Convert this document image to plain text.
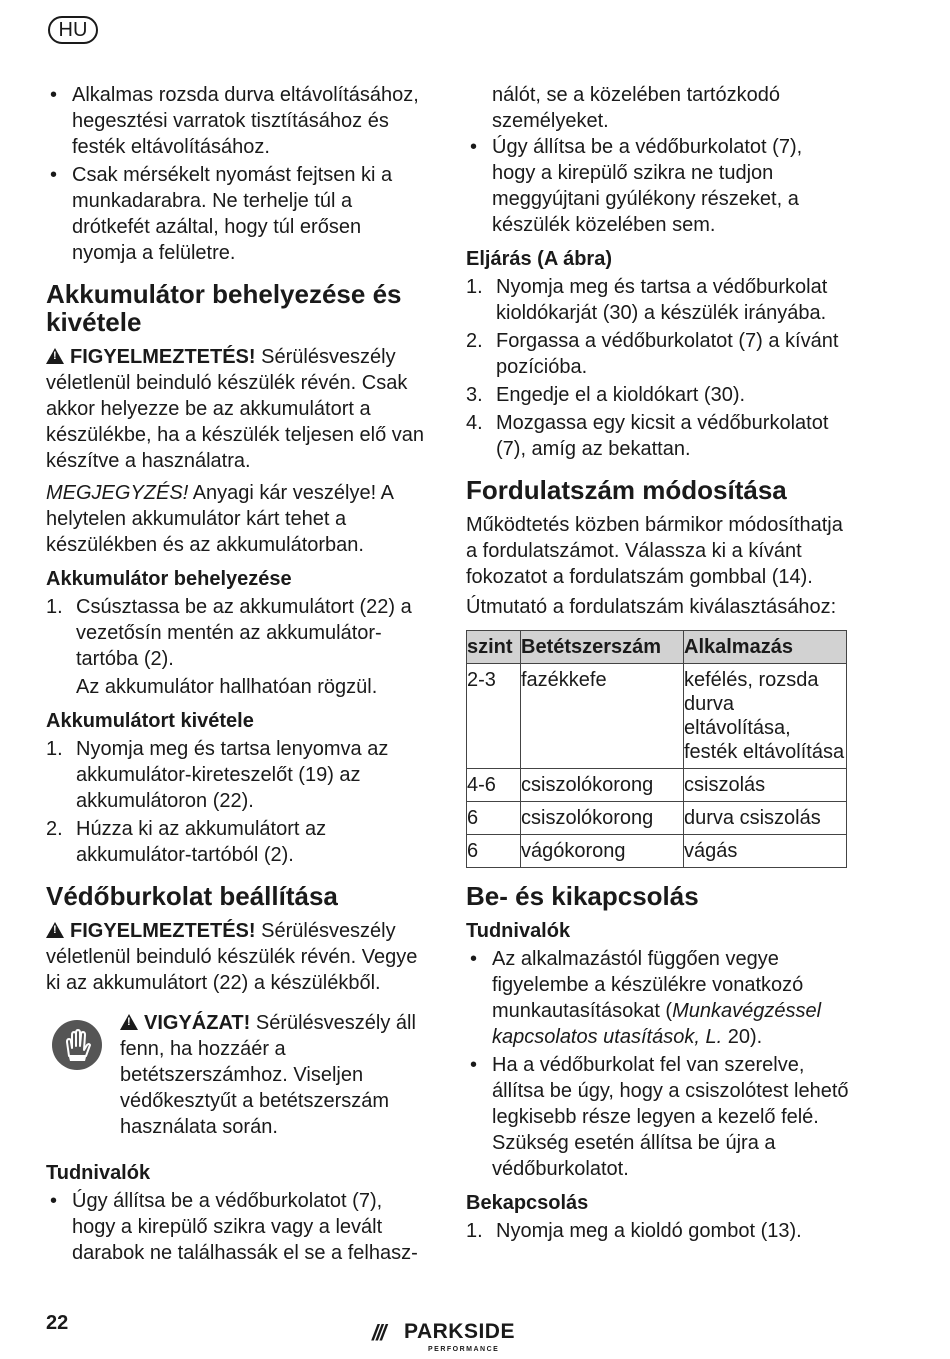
HU
• Alkalmas rozsda durva eltávolításához, hegesztési varratok tisztításához és festék eltávolításához.
• Csak mérsékelt nyomást fejtsen ki a munkadarabra. Ne terhelje túl a drótkefét azáltal, hogy túl erősen nyomja a felületre.
Akkumulátor behelyezése és kivétele

!FIGYELMEZTETÉS! Sérülésveszély véletlenül beinduló készülék révén. Csak akkor helyezze be az akkumulátort a készülékbe, ha a készülék teljesen elő van készítve a használatra.

MEGJEGYZÉS! Anyagi kár veszélye! A helytelen akkumulátor kárt tehet a készülékben és az akkumulátorban.

Akkumulátor behelyezése
1. Csúsztassa be az akkumulátort (22) a vezetősín mentén az akkumulátor-tartóba (2).
Az akkumulátor hallhatóan rögzül.
Akkumulátort kivétele
1. Nyomja meg és tartsa lenyomva az akkumulátor-kireteszelőt (19) az akkumulátoron (22).
2. Húzza ki az akkumulátort az akkumulátor-tartóból (2).
Védőburkolat beállítása

!FIGYELMEZTETÉS! Sérülésveszély véletlenül beinduló készülék révén. Vegye ki az akkumulátort (22) a készülékből.

!VIGYÁZAT! Sérülésveszély áll fenn, ha hozzáér a betétszerszámhoz. Viseljen védőkesztyűt a betétszerszám használata során.

Tudnivalók
• Úgy állítsa be a védőburkolatot (7), hogy a kirepülő szikra vagy a levált darabok ne találhassák el se a felhasz-

nálót, se a közelében tartózkodó személyeket.

• Úgy állítsa be a védőburkolatot (7), hogy a kirepülő szikra ne tudjon meggyújtani gyúlékony részeket, a készülék közelében sem.
Eljárás (A ábra)
1. Nyomja meg és tartsa a védőburkolat kioldókarját (30) a készülék irányába.
2. Forgassa a védőburkolatot (7) a kívánt pozícióba.
3. Engedje el a kioldókart (30).
4. Mozgassa egy kicsit a védőburkolatot (7), amíg az bekattan.
Fordulatszám módosítása

Működtetés közben bármikor módosíthatja a fordulatszámot. Válassza ki a kívánt fokozatot a fordulatszám gombbal (14).

Útmutató a fordulatszám kiválasztásához:

szint	Betétszerszám	Alkalmazás
2-3	fazékkefe	kefélés, rozsda durva eltávolítása, festék eltávolítása
4-6	csiszolókorong	csiszolás
6	csiszolókorong	durva csiszolás
6	vágókorong	vágás
Be- és kikapcsolás
Tudnivalók
• Az alkalmazástól függően vegye figyelembe a készülékre vonatkozó munkautasításokat (Munkavégzéssel kapcsolatos utasítások, L. 20).
• Ha a védőburkolat fel van szerelve, állítsa be úgy, hogy a csiszolótest lehető legkisebb része legyen a kezelő felé. Szükség esetén állítsa be újra a védőburkolatot.
Bekapcsolás
1. Nyomja meg a kioldó gombot (13).
22	/// PARKSIDE
PERFORMANCE
